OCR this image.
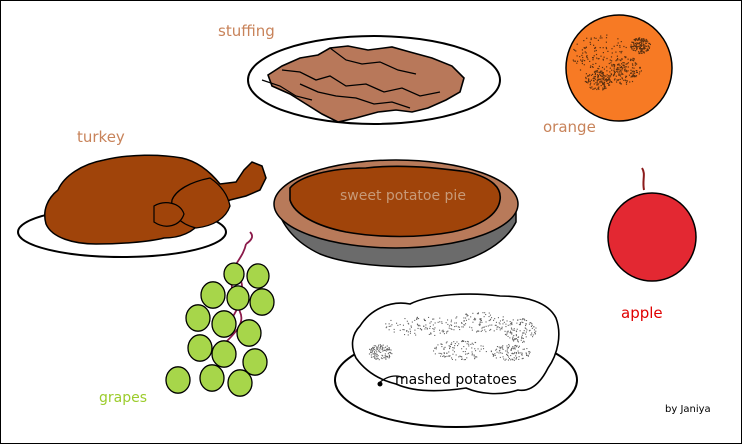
stuffing
turkey
orange
sweet potatoe pie
apple
grapes
mashed potatoes
by Janiya
